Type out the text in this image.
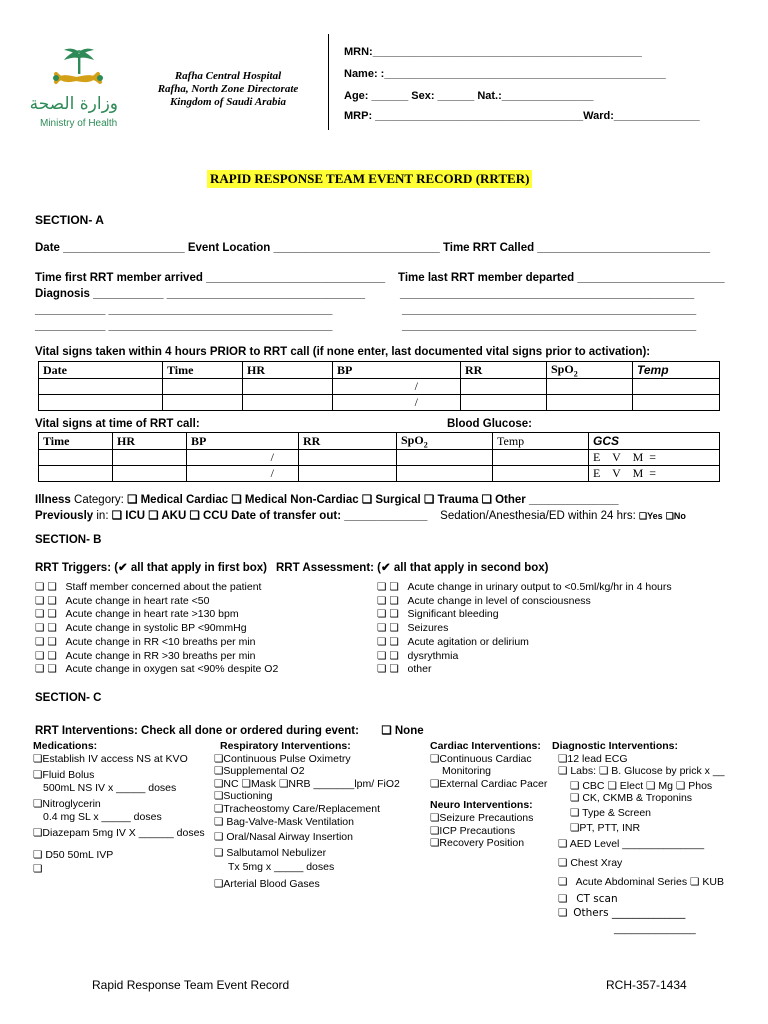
وزارة الصحة
Ministry of Health
Rafha Central Hospital
Rafha, North Zone Directorate
Kingdom of Saudi Arabia
MRN:____________________________________________
Name: :______________________________________________
Age: ______ Sex: ______ Nat.:_______________
MRP: __________________________________Ward:______________
RAPID RESPONSE TEAM EVENT RECORD (RRTER)
SECTION- A
Date ___________________ Event Location __________________________ Time RRT Called ___________________________
Time first RRT member arrived ____________________________ Time last RRT member departed _______________________
Diagnosis ___________ _______________________________
___________ ___________________________________
___________ ___________________________________
______________________________________________
______________________________________________
______________________________________________
Vital signs taken within 4 hours PRIOR to RRT call (if none enter, last documented vital signs prior to activation):
Date	Time	HR	BP	RR	SpO$_2$	Temp
			/			
			/			
Vital signs at time of RRT call:	Blood Glucose:
Time	HR	BP	RR	SpO$_2$	Temp	GCS
		/				E    V    M  =
		/				E    V    M  =
Illness Category: ❏ Medical Cardiac ❏ Medical Non-Cardiac ❏ Surgical ❏ Trauma ❏ Other ______________
Previously in: ❏ ICU ❏ AKU ❏ CCU Date of transfer out: _____________ Sedation/Anesthesia/ED within 24 hrs: ❏ Yes ❏ No
SECTION- B
RRT Triggers: (✔ all that apply in first box) RRT Assessment: (✔ all that apply in second box)
❏  ❏    Staff member concerned about the patient
❏  ❏    Acute change in heart rate <50
❏  ❏    Acute change in heart rate >130 bpm
❏  ❏    Acute change in systolic BP <90mmHg
❏  ❏    Acute change in RR <10 breaths per min
❏  ❏    Acute change in RR >30 breaths per min
❏  ❏    Acute change in oxygen sat <90% despite O2
❏  ❏    Acute change in urinary output to <0.5ml/kg/hr in 4 hours
❏  ❏    Acute change in level of consciousness
❏  ❏    Significant bleeding
❏  ❏    Seizures
❏  ❏    Acute agitation or delirium
❏  ❏    dysrythmia
❏  ❏    other
SECTION- C
RRT Interventions: Check all done or ordered during event: ❏	None
Medications:
❏ Establish IV access NS at KVO
❏ Fluid Bolus
500mL NS IV x _____ doses
❏ Nitroglycerin
0.4 mg SL x _____ doses
❏ Diazepam 5mg IV X ______ doses
❏ D50 50mL IVP
❏
Respiratory Interventions:
❏ Continuous Pulse Oximetry
❏ Supplemental O2
❏ NC ❏ Mask ❏ NRB _______lpm/ FiO2
❏ Suctioning
❏ Tracheostomy Care/Replacement
❏ Bag-Valve-Mask Ventilation
❏ Oral/Nasal Airway Insertion
❏ Salbutamol Nebulizer
Tx 5mg x _____ doses
❏ Arterial Blood Gases
Cardiac Interventions:
❏ Continuous Cardiac
Monitoring
❏ External Cardiac Pacer
Neuro Interventions:
❏ Seizure Precautions
❏ ICP Precautions
❏ Recovery Position
Diagnostic Interventions:
❏ 12 lead ECG
❏ Labs: ❏ B. Glucose by prick x __
❏ CBC ❏ Elect ❏ Mg ❏ Phos
❏ CK, CKMB & Troponins
❏ Type & Screen
❏ PT, PTT, INR
❏ AED Level ______________
❏ Chest Xray
❏    Acute Abdominal Series ❏ KUB
❏    CT scan
❏   Others ______________
______________
Rapid Response Team Event Record	RCH-357-1434
